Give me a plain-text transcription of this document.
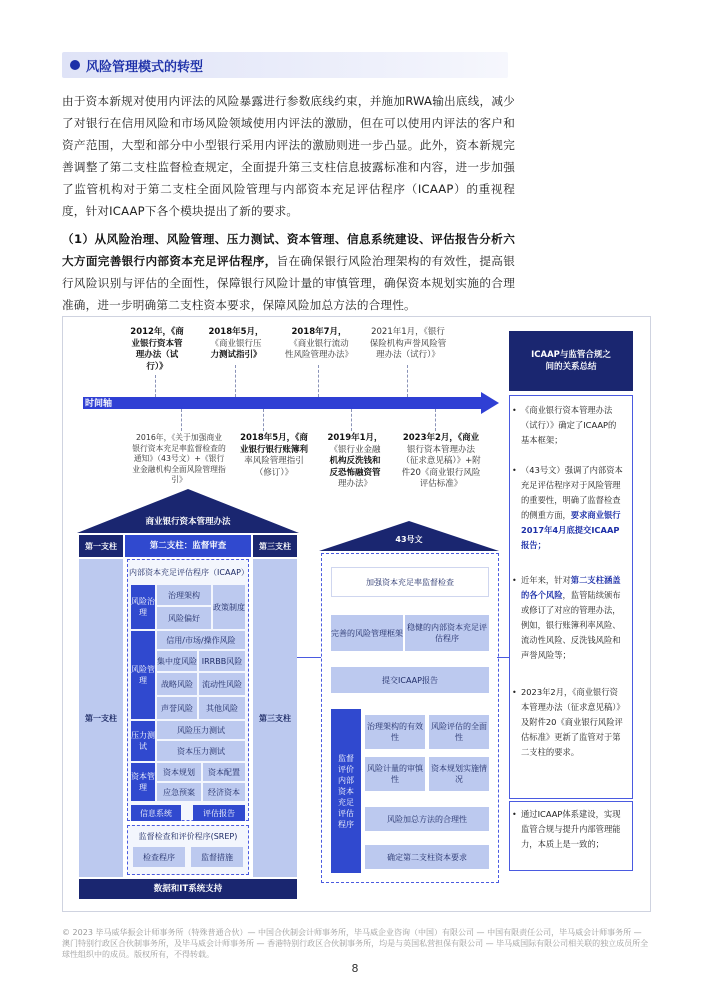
风险管理模式的转型
由于资本新规对使用内评法的风险暴露进行参数底线约束，并施加RWA输出底线，减少了对银行在信用风险和市场风险领域使用内评法的激励，但在可以使用内评法的客户和资产范围，大型和部分中小型银行采用内评法的激励则进一步凸显。此外，资本新规完善调整了第二支柱监督检查规定，全面提升第三支柱信息披露标准和内容，进一步加强了监管机构对于第二支柱全面风险管理与内部资本充足评估程序（ICAAP）的重视程度，针对ICAAP下各个模块提出了新的要求。
（1）从风险治理、风险管理、压力测试、资本管理、信息系统建设、评估报告分析六大方面完善银行内部资本充足评估程序，旨在确保银行风险治理架构的有效性，提高银行风险识别与评估的全面性，保障银行风险计量的审慎管理，确保资本规划实施的合理准确，进一步明确第二支柱资本要求，保障风险加总方法的合理性。
2012年，《商
业银行资本管
理办法（试
行）》
2018年5月，
《商业银行压
力测试指引》
2018年7月，
《商业银行流动
性风险管理办法》
2021年1月，《银行
保险机构声誉风险管
理办法（试行）》
时间轴
2016年，《关于加强商业
银行资本充足率监督检查的
通知》（43号文）+《银行
业金融机构全面风险管理指
引》
2018年5月，《商
业银行银行账簿利
率风险管理指引
（修订）》
2019年1月，
《银行业金融
机构反洗钱和
反恐怖融资管
理办法》
2023年2月，《商业
银行资本管理办法
（征求意见稿）》+附
件20《商业银行风险
评估标准》
商业银行资本管理办法
第一支柱	第二支柱：监督审查	第三支柱
第一支柱	第三支柱
内部资本充足评估程序（ICAAP）
风险治理
治理架构
风险偏好
政策制度
风险管理
信用/市场/操作风险
集中度风险 IRRBB风险
战略风险	流动性风险
声誉风险	其他风险
压力测试
风险压力测试
资本压力测试
资本管理
资本规划	资本配置
应急预案	经济资本
信息系统	评估报告
监督检查和评价程序(SREP)
检查程序	监督措施
数据和IT系统支持
43号文
加强资本充足率监督检查
完善的风险管理框架
稳健的内部资本充足评估程序
提交ICAAP报告
监督评价内部资本充足评估程序
治理架构的有效性
风险评估的全面性
风险计量的审慎性
资本规划实施情况
风险加总方法的合理性
确定第二支柱资本要求
ICAAP与监管合规之间的关系总结
• 《商业银行资本管理办法（试行）》确定了ICAAP的基本框架；
• （43号文）强调了内部资本充足评估程序对于风险管理的重要性，明确了监督检查的侧重方面，要求商业银行2017年4月底提交ICAAP报告；
• 近年来，针对第二支柱涵盖的各个风险，监管陆续颁布或修订了对应的管理办法，例如，银行账簿利率风险、流动性风险、反洗钱风险和声誉风险等；
• 2023年2月，《商业银行资本管理办法（征求意见稿）》及附件20《商业银行风险评估标准》更新了监管对于第二支柱的要求。
• 通过ICAAP体系建设，实现监管合规与提升内部管理能力，本质上是一致的；
© 2023 毕马威华振会计师事务所（特殊普通合伙）— 中国合伙制会计师事务所，毕马威企业咨询（中国）有限公司 — 中国有限责任公司，毕马威会计师事务所 — 澳门特别行政区合伙制事务所，及毕马威会计师事务所 — 香港特别行政区合伙制事务所，均是与英国私营担保有限公司 — 毕马威国际有限公司相关联的独立成员所全球性组织中的成员。版权所有，不得转载。
8
